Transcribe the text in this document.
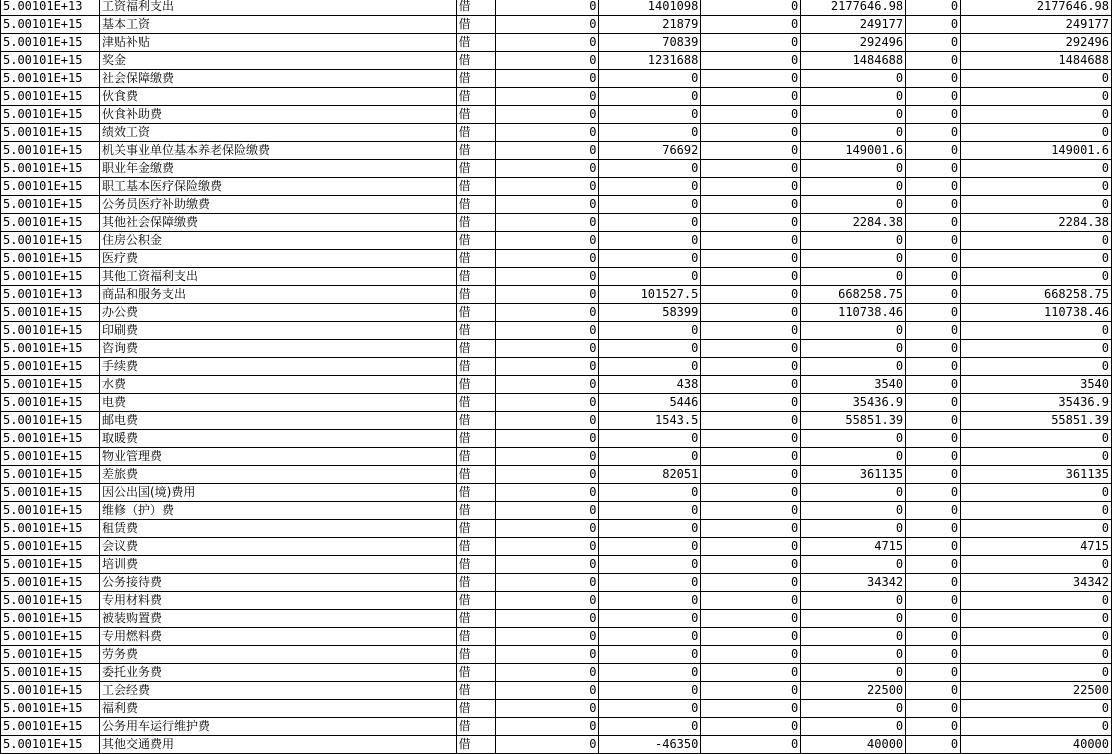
5.00101E+13	工资福利支出	借	0	1401098	0	2177646.98	0	2177646.98
5.00101E+15	基本工资	借	0	21879	0	249177	0	249177
5.00101E+15	津贴补贴	借	0	70839	0	292496	0	292496
5.00101E+15	奖金	借	0	1231688	0	1484688	0	1484688
5.00101E+15	社会保障缴费	借	0	0	0	0	0	0
5.00101E+15	伙食费	借	0	0	0	0	0	0
5.00101E+15	伙食补助费	借	0	0	0	0	0	0
5.00101E+15	绩效工资	借	0	0	0	0	0	0
5.00101E+15	机关事业单位基本养老保险缴费	借	0	76692	0	149001.6	0	149001.6
5.00101E+15	职业年金缴费	借	0	0	0	0	0	0
5.00101E+15	职工基本医疗保险缴费	借	0	0	0	0	0	0
5.00101E+15	公务员医疗补助缴费	借	0	0	0	0	0	0
5.00101E+15	其他社会保障缴费	借	0	0	0	2284.38	0	2284.38
5.00101E+15	住房公积金	借	0	0	0	0	0	0
5.00101E+15	医疗费	借	0	0	0	0	0	0
5.00101E+15	其他工资福利支出	借	0	0	0	0	0	0
5.00101E+13	商品和服务支出	借	0	101527.5	0	668258.75	0	668258.75
5.00101E+15	办公费	借	0	58399	0	110738.46	0	110738.46
5.00101E+15	印刷费	借	0	0	0	0	0	0
5.00101E+15	咨询费	借	0	0	0	0	0	0
5.00101E+15	手续费	借	0	0	0	0	0	0
5.00101E+15	水费	借	0	438	0	3540	0	3540
5.00101E+15	电费	借	0	5446	0	35436.9	0	35436.9
5.00101E+15	邮电费	借	0	1543.5	0	55851.39	0	55851.39
5.00101E+15	取暖费	借	0	0	0	0	0	0
5.00101E+15	物业管理费	借	0	0	0	0	0	0
5.00101E+15	差旅费	借	0	82051	0	361135	0	361135
5.00101E+15	因公出国(境)费用	借	0	0	0	0	0	0
5.00101E+15	维修（护）费	借	0	0	0	0	0	0
5.00101E+15	租赁费	借	0	0	0	0	0	0
5.00101E+15	会议费	借	0	0	0	4715	0	4715
5.00101E+15	培训费	借	0	0	0	0	0	0
5.00101E+15	公务接待费	借	0	0	0	34342	0	34342
5.00101E+15	专用材料费	借	0	0	0	0	0	0
5.00101E+15	被装购置费	借	0	0	0	0	0	0
5.00101E+15	专用燃料费	借	0	0	0	0	0	0
5.00101E+15	劳务费	借	0	0	0	0	0	0
5.00101E+15	委托业务费	借	0	0	0	0	0	0
5.00101E+15	工会经费	借	0	0	0	22500	0	22500
5.00101E+15	福利费	借	0	0	0	0	0	0
5.00101E+15	公务用车运行维护费	借	0	0	0	0	0	0
5.00101E+15	其他交通费用	借	0	-46350	0	40000	0	40000
